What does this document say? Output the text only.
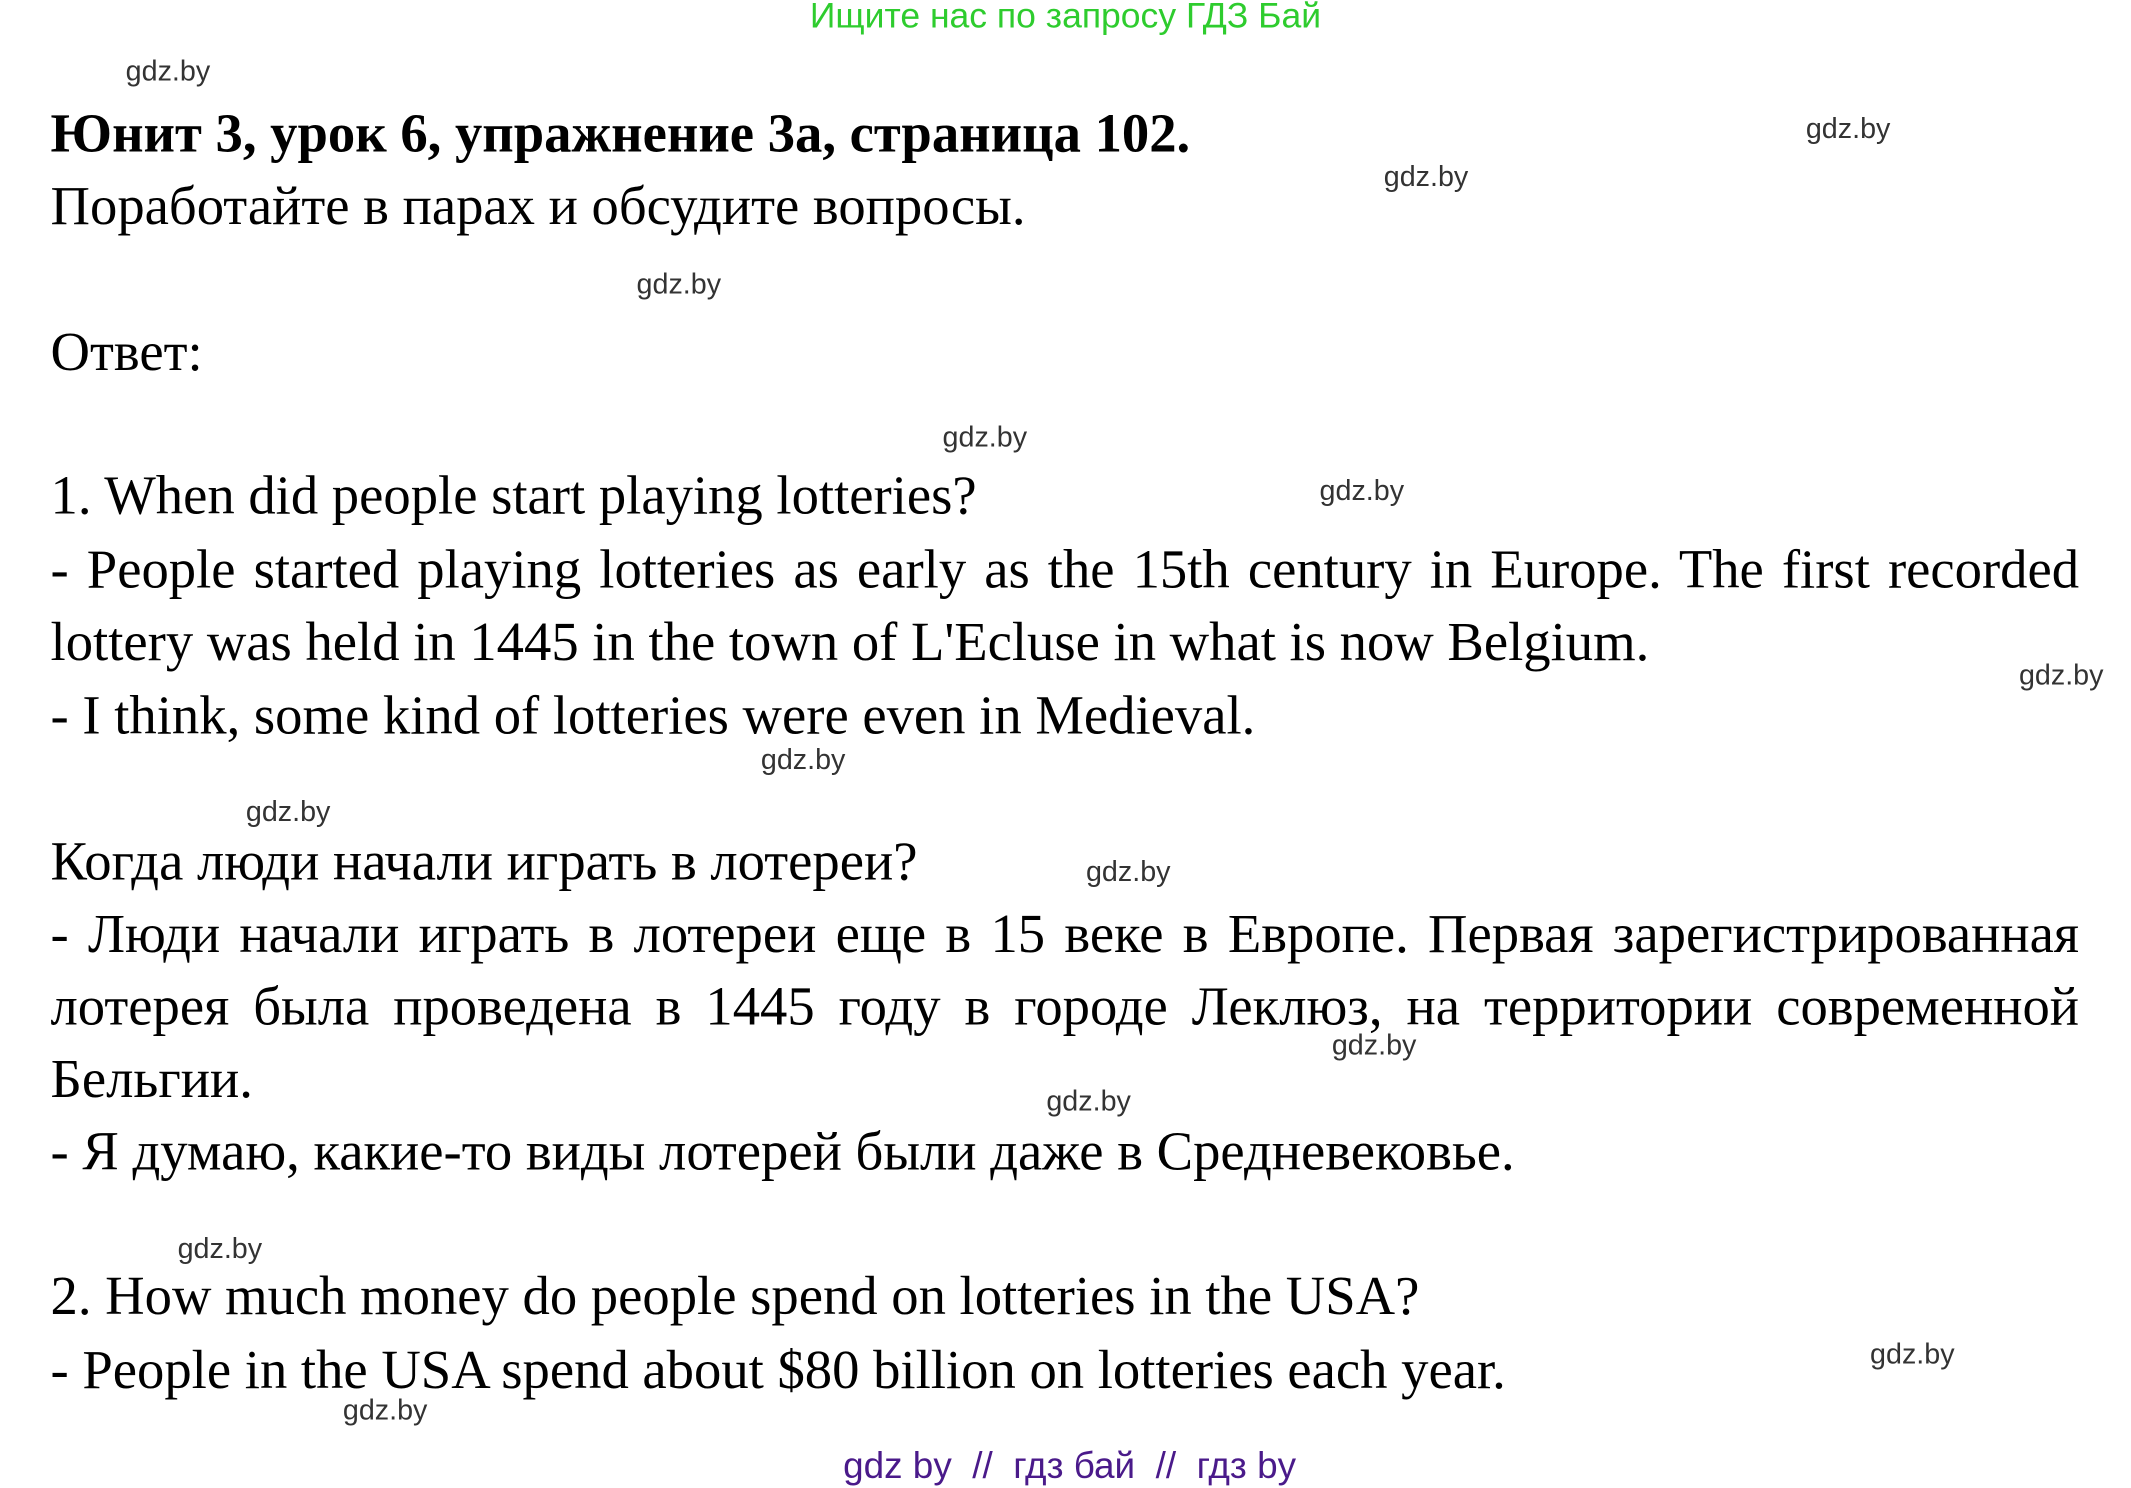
Ищите нас по запросу ГДЗ Бай

Юнит 3, урок 6, упражнение 3а, страница 102.

Поработайте в парах и обсудите вопросы.

Ответ:

1. When did people start playing lotteries?

- People started playing lotteries as early as the 15th century in Europe. The first recorded lottery was held in 1445 in the town of L'Ecluse in what is now Belgium.

- I think, some kind of lotteries were even in Medieval.

Когда люди начали играть в лотереи?

- Люди начали играть в лотереи еще в 15 веке в Европе. Первая зарегистрированная лотерея была проведена в 1445 году в городе Леклюз, на территории современной Бельгии.

- Я думаю, какие-то виды лотерей были даже в Средневековье.

2. How much money do people spend on lotteries in the USA?

- People in the USA spend about $80 billion on lotteries each year.

gdz.by
gdz.by
gdz.by
gdz.by
gdz.by
gdz.by
gdz.by
gdz.by
gdz.by
gdz.by
gdz.by
gdz.by
gdz.by
gdz.by
gdz.by
gdz by  //  гдз бай  //  гдз by
